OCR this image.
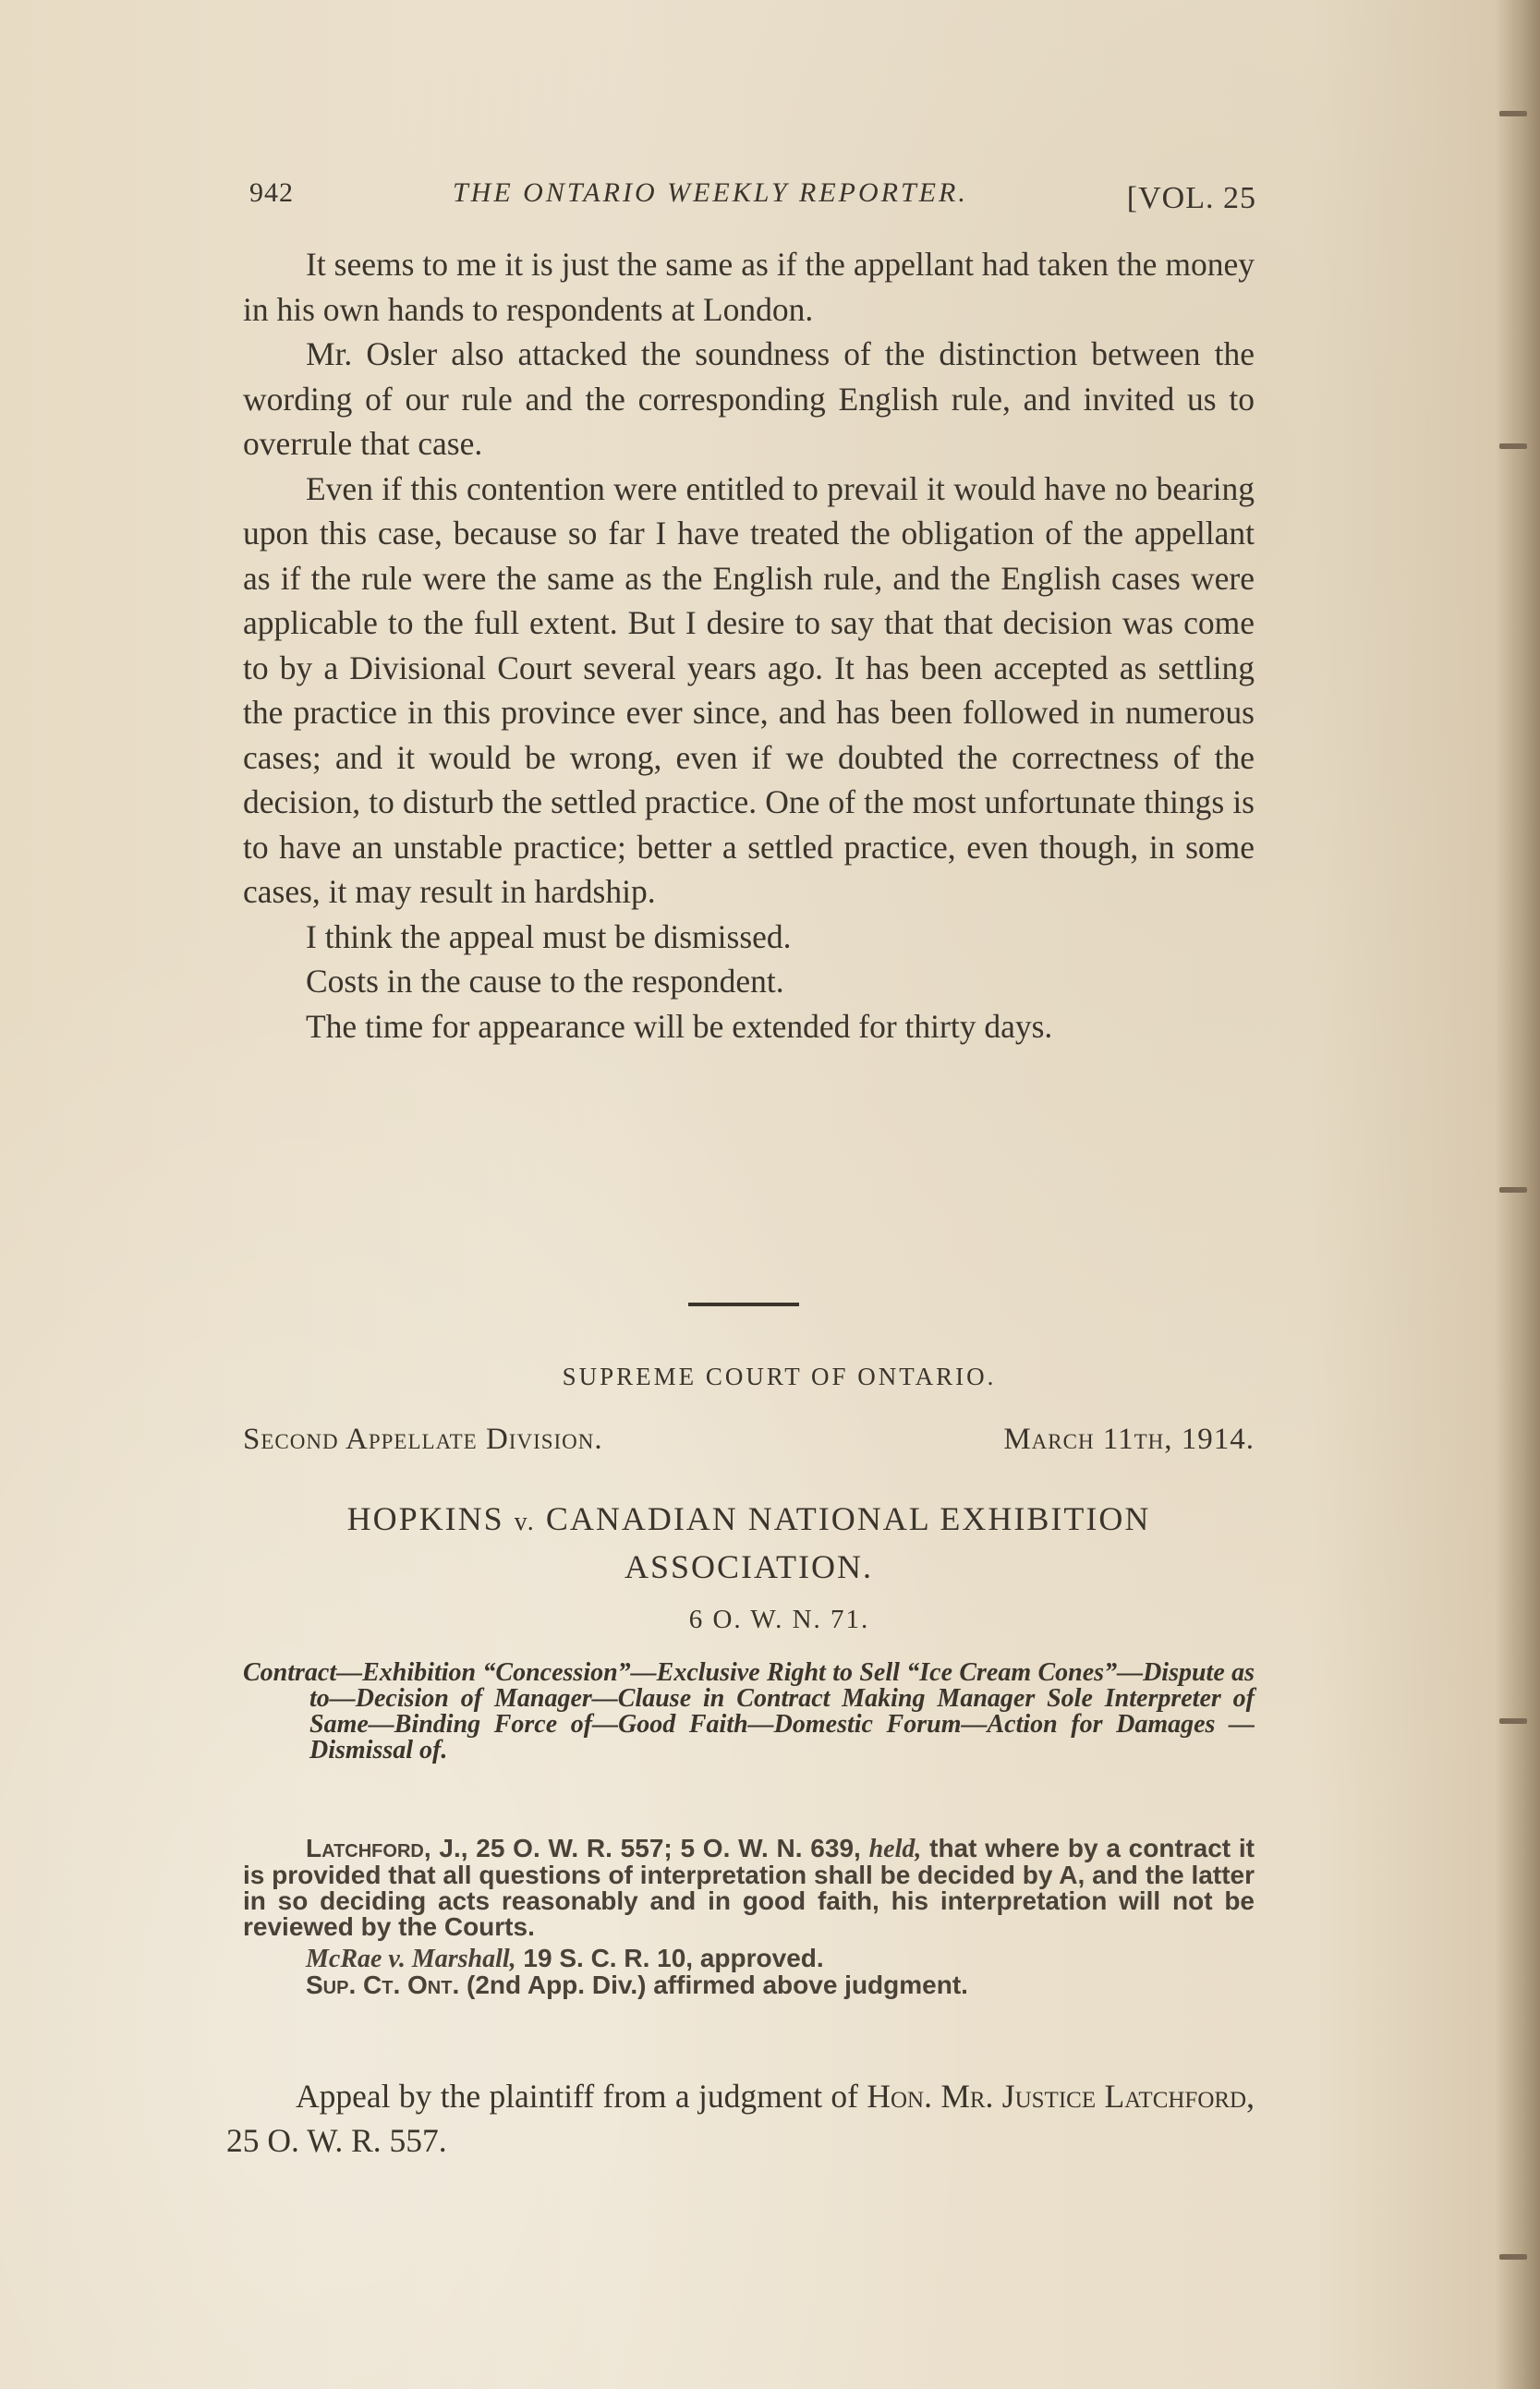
942	THE ONTARIO WEEKLY REPORTER.	[VOL. 25

It seems to me it is just the same as if the appellant had taken the money in his own hands to respondents at London.

Mr. Osler also attacked the soundness of the distinction between the wording of our rule and the corresponding English rule, and invited us to overrule that case.

Even if this contention were entitled to prevail it would have no bearing upon this case, because so far I have treated the obligation of the appellant as if the rule were the same as the English rule, and the English cases were applicable to the full extent. But I desire to say that that decision was come to by a Divisional Court several years ago. It has been accepted as settling the practice in this province ever since, and has been followed in numerous cases; and it would be wrong, even if we doubted the correctness of the decision, to disturb the settled practice. One of the most unfortunate things is to have an unstable practice; better a settled practice, even though, in some cases, it may result in hardship.

I think the appeal must be dismissed.

Costs in the cause to the respondent.

The time for appearance will be extended for thirty days.

SUPREME COURT OF ONTARIO.
Second Appellate Division.	March 11th, 1914.
HOPKINS v. CANADIAN NATIONAL EXHIBITION
ASSOCIATION.
6 O. W. N. 71.
Contract—Exhibition “Concession”—Exclusive Right to Sell “Ice Cream Cones”—Dispute as to—Decision of Manager—Clause in Contract Making Manager Sole Interpreter of Same—Binding Force of—Good Faith—Domestic Forum—Action for Damages —Dismissal of.

Latchford, J., 25 O. W. R. 557; 5 O. W. N. 639, held, that where by a contract it is provided that all questions of interpretation shall be decided by A, and the latter in so deciding acts reasonably and in good faith, his interpretation will not be reviewed by the Courts.

McRae v. Marshall, 19 S. C. R. 10, approved.

Sup. Ct. Ont. (2nd App. Div.) affirmed above judgment.

Appeal by the plaintiff from a judgment of Hon. Mr. Justice Latchford, 25 O. W. R. 557.
